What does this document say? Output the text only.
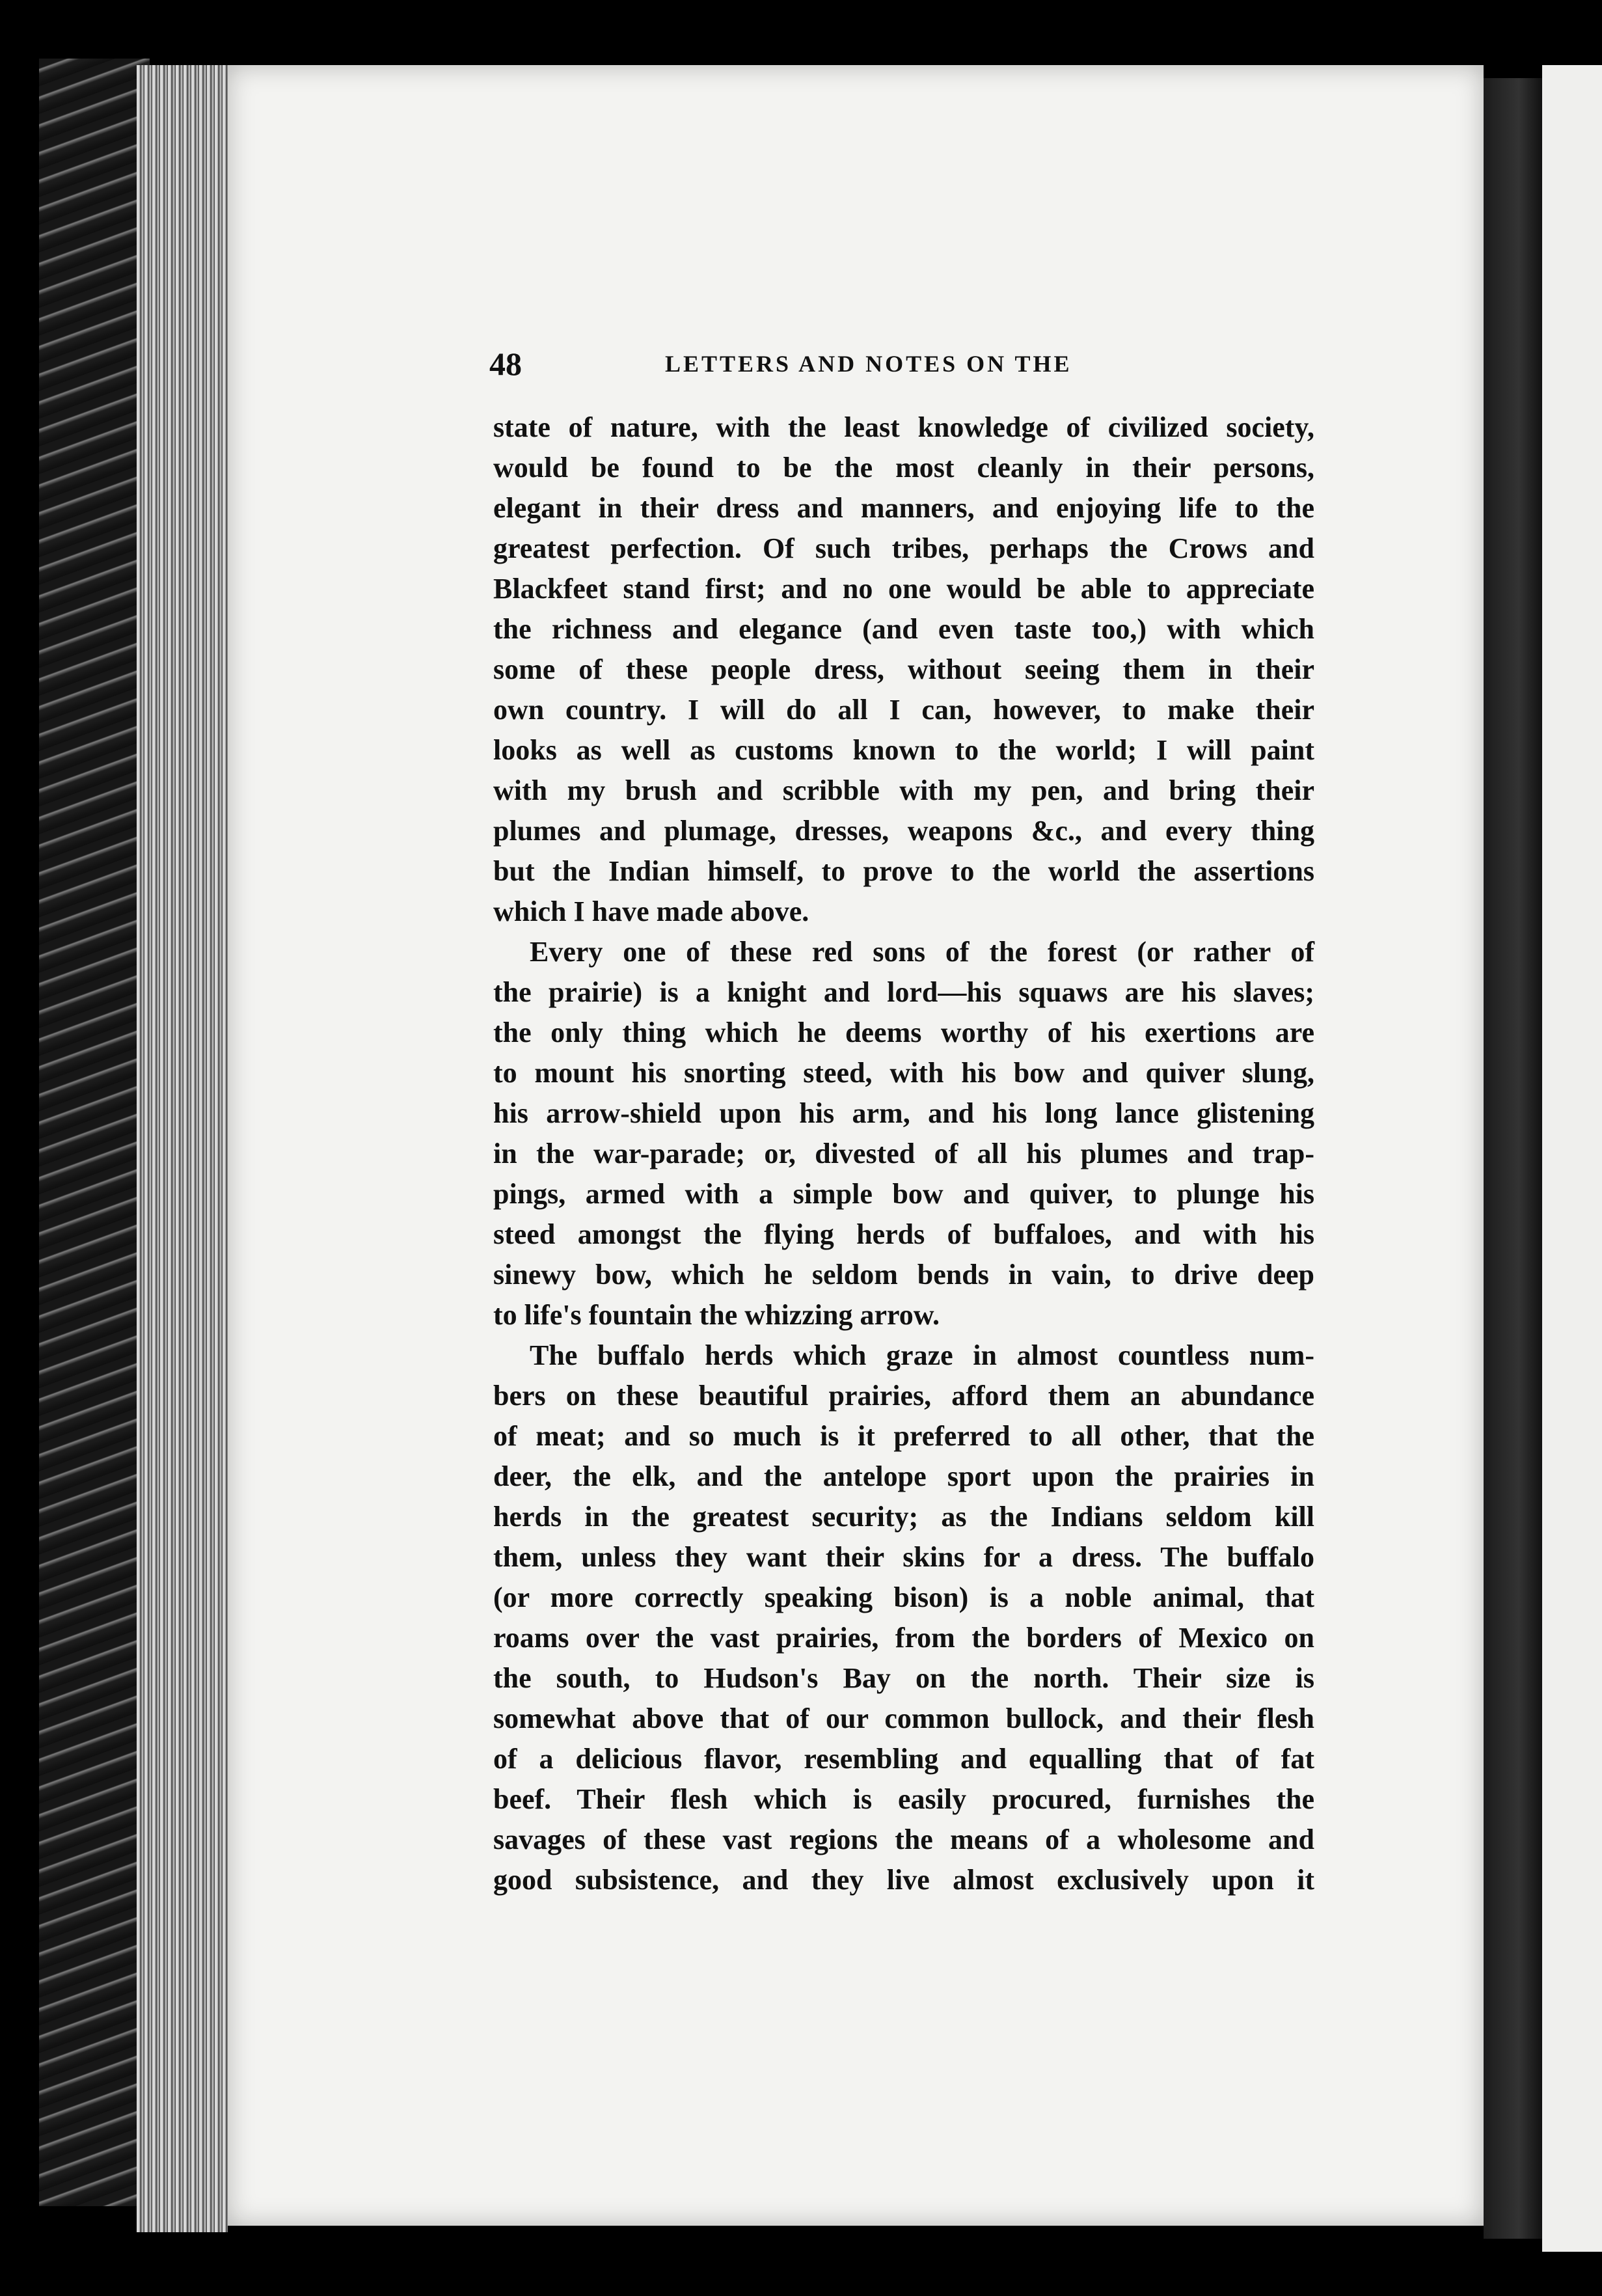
48	LETTERS AND NOTES ON THE
state of nature, with the least knowledge of civilized society,
would be found to be the most cleanly in their persons,
elegant in their dress and manners, and enjoying life to the
greatest perfection. Of such tribes, perhaps the Crows and
Blackfeet stand first; and no one would be able to appreciate
the richness and elegance (and even taste too,) with which
some of these people dress, without seeing them in their
own country. I will do all I can, however, to make their
looks as well as customs known to the world; I will paint
with my brush and scribble with my pen, and bring their
plumes and plumage, dresses, weapons &c., and every thing
but the Indian himself, to prove to the world the assertions
which I have made above.
Every one of these red sons of the forest (or rather of
the prairie) is a knight and lord—his squaws are his slaves;
the only thing which he deems worthy of his exertions are
to mount his snorting steed, with his bow and quiver slung,
his arrow-shield upon his arm, and his long lance glistening
in the war-parade; or, divested of all his plumes and trap-
pings, armed with a simple bow and quiver, to plunge his
steed amongst the flying herds of buffaloes, and with his
sinewy bow, which he seldom bends in vain, to drive deep
to life's fountain the whizzing arrow.
The buffalo herds which graze in almost countless num-
bers on these beautiful prairies, afford them an abundance
of meat; and so much is it preferred to all other, that the
deer, the elk, and the antelope sport upon the prairies in
herds in the greatest security; as the Indians seldom kill
them, unless they want their skins for a dress. The buffalo
(or more correctly speaking bison) is a noble animal, that
roams over the vast prairies, from the borders of Mexico on
the south, to Hudson's Bay on the north. Their size is
somewhat above that of our common bullock, and their flesh
of a delicious flavor, resembling and equalling that of fat
beef. Their flesh which is easily procured, furnishes the
savages of these vast regions the means of a wholesome and
good subsistence, and they live almost exclusively upon it
